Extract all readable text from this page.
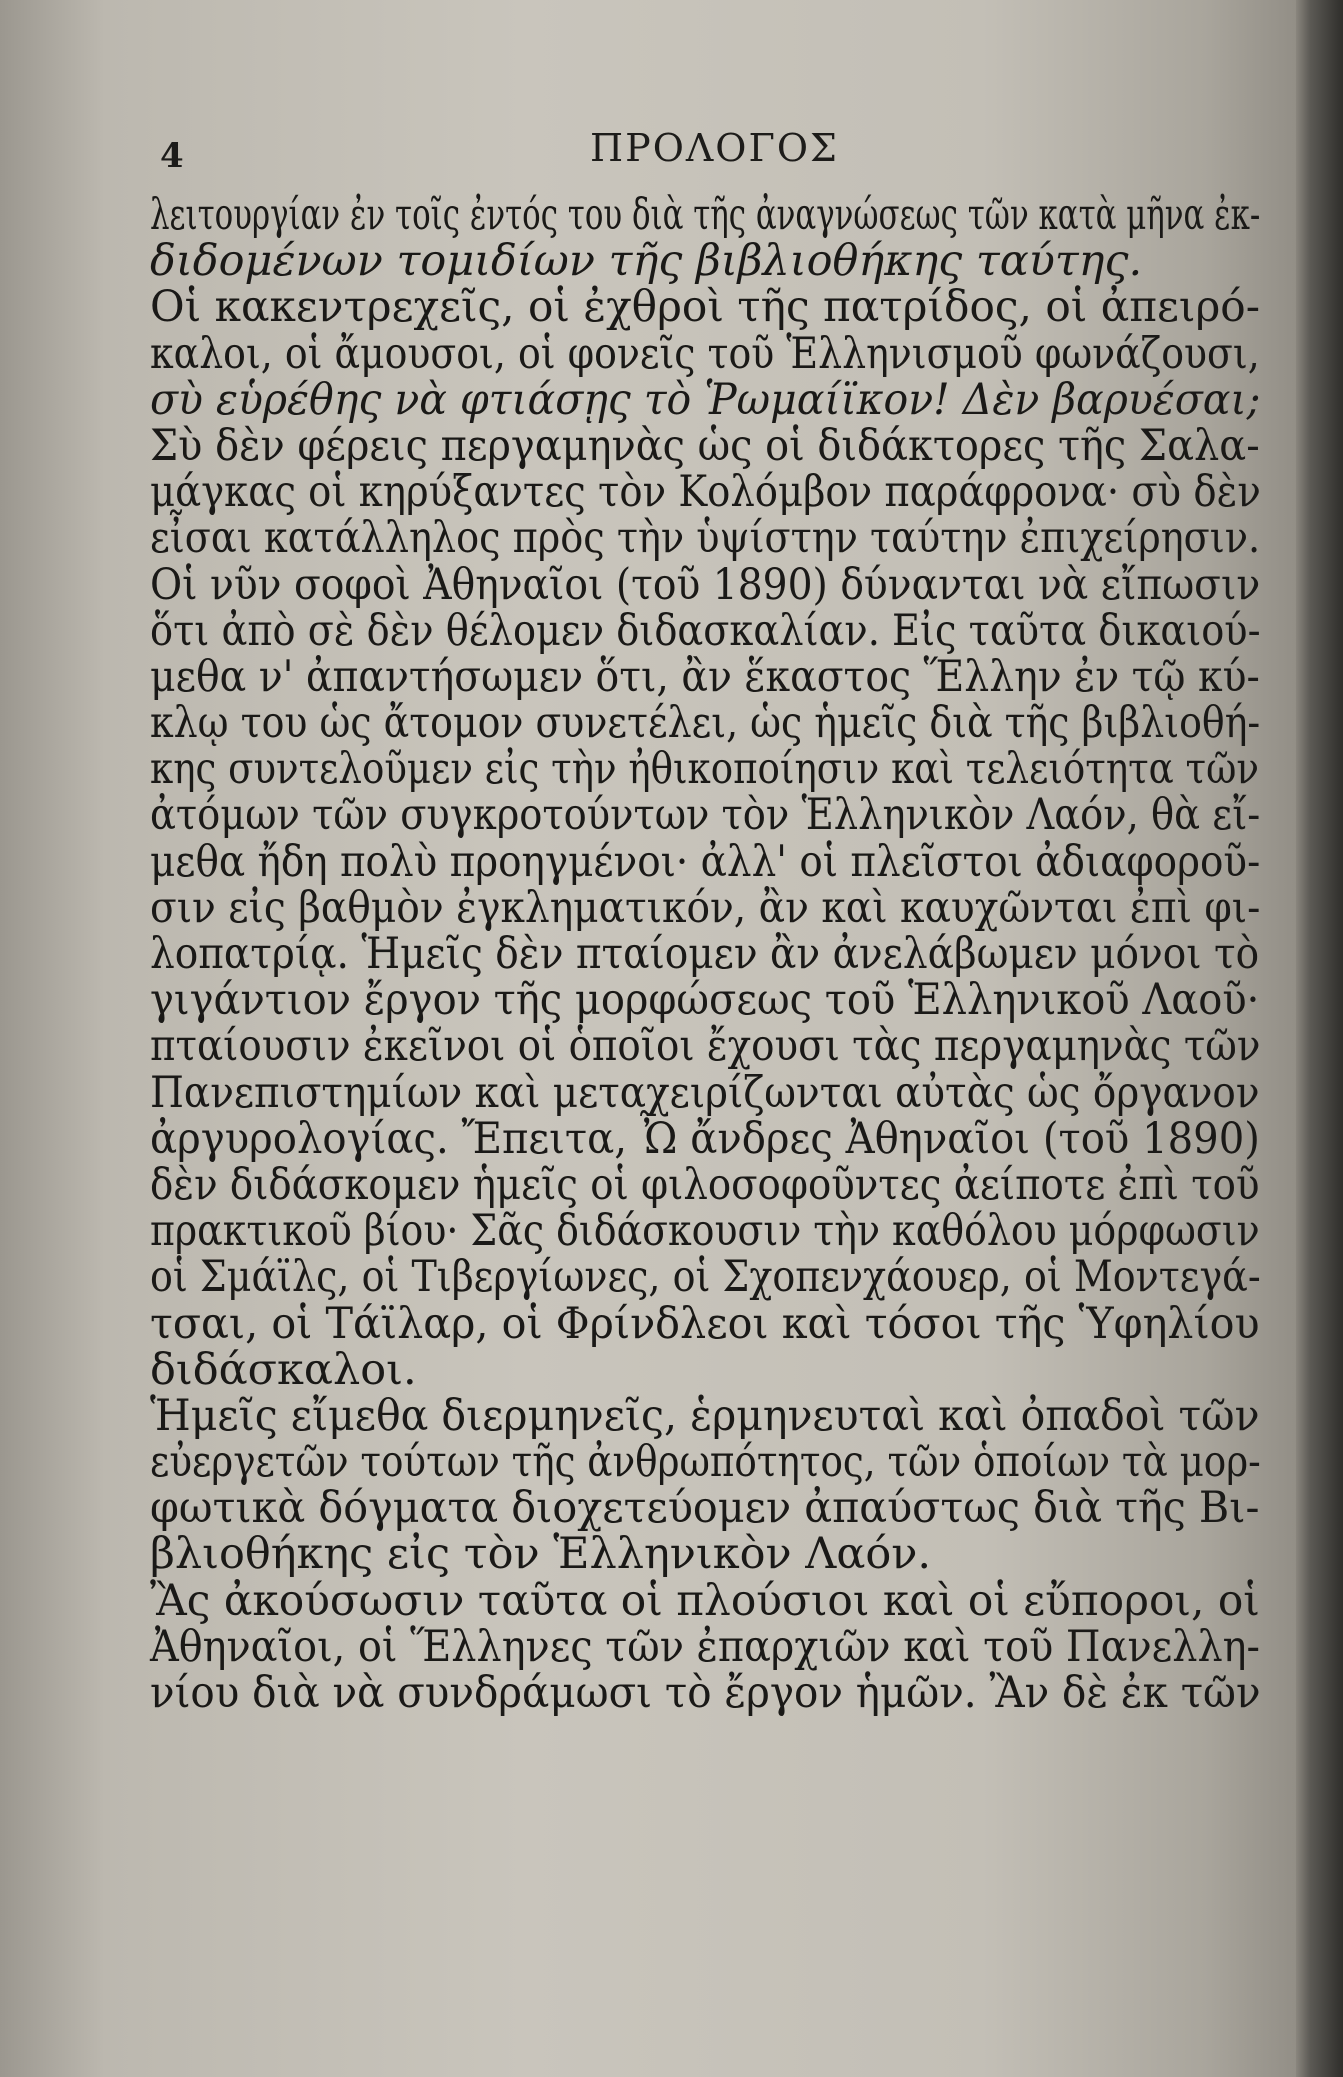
4	ΠΡΟΛΟΓΟΣ
λειτουργίαν ἐν τοῖς ἐντός του διὰ τῆς ἀναγνώσεως τῶν κατὰ μῆνα ἐκ-
διδομένων τομιδίων τῆς βιβλιοθήκης ταύτης.
Οἱ κακεντρεχεῖς, οἱ ἐχθροὶ τῆς πατρίδος, οἱ ἀπειρό-
καλοι, οἱ ἄμουσοι, οἱ φονεῖς τοῦ Ἑλληνισμοῦ φωνάζουσι,
σὺ εὑρέθης νὰ φτιάσῃς τὸ Ῥωμαίϊκον! Δὲν βαρυέσαι;
Σὺ δὲν φέρεις περγαμηνὰς ὡς οἱ διδάκτορες τῆς Σαλα-
μάγκας οἱ κηρύξαντες τὸν Κολόμβον παράφρονα· σὺ δὲν
εἶσαι κατάλληλος πρὸς τὴν ὑψίστην ταύτην ἐπιχείρησιν.
Οἱ νῦν σοφοὶ Ἀθηναῖοι (τοῦ 1890) δύνανται νὰ εἴπωσιν
ὅτι ἀπὸ σὲ δὲν θέλομεν διδασκαλίαν. Εἰς ταῦτα δικαιού-
μεθα ν' ἀπαντήσωμεν ὅτι, ἂν ἕκαστος Ἕλλην ἐν τῷ κύ-
κλῳ του ὡς ἄτομον συνετέλει, ὡς ἡμεῖς διὰ τῆς βιβλιοθή-
κης συντελοῦμεν εἰς τὴν ἠθικοποίησιν καὶ τελειότητα τῶν
ἀτόμων τῶν συγκροτούντων τὸν Ἑλληνικὸν Λαόν, θὰ εἴ-
μεθα ἤδη πολὺ προηγμένοι· ἀλλ' οἱ πλεῖστοι ἀδιαφοροῦ-
σιν εἰς βαθμὸν ἐγκληματικόν, ἂν καὶ καυχῶνται ἐπὶ φι-
λοπατρίᾳ. Ἡμεῖς δὲν πταίομεν ἂν ἀνελάβωμεν μόνοι τὸ
γιγάντιον ἔργον τῆς μορφώσεως τοῦ Ἑλληνικοῦ Λαοῦ·
πταίουσιν ἐκεῖνοι οἱ ὁποῖοι ἔχουσι τὰς περγαμηνὰς τῶν
Πανεπιστημίων καὶ μεταχειρίζωνται αὐτὰς ὡς ὄργανον
ἀργυρολογίας. Ἔπειτα, Ὦ ἄνδρες Ἀθηναῖοι (τοῦ 1890)
δὲν διδάσκομεν ἡμεῖς οἱ φιλοσοφοῦντες ἀείποτε ἐπὶ τοῦ
πρακτικοῦ βίου· Σᾶς διδάσκουσιν τὴν καθόλου μόρφωσιν
οἱ Σμάϊλς, οἱ Τιβεργίωνες, οἱ Σχοπενχάουερ, οἱ Μοντεγά-
τσαι, οἱ Τάϊλαρ, οἱ Φρίνδλεοι καὶ τόσοι τῆς Ὑφηλίου
διδάσκαλοι.
Ἡμεῖς εἴμεθα διερμηνεῖς, ἑρμηνευταὶ καὶ ὀπαδοὶ τῶν
εὐεργετῶν τούτων τῆς ἀνθρωπότητος, τῶν ὁποίων τὰ μορ-
φωτικὰ δόγματα διοχετεύομεν ἀπαύστως διὰ τῆς Βι-
βλιοθήκης εἰς τὸν Ἑλληνικὸν Λαόν.
Ἂς ἀκούσωσιν ταῦτα οἱ πλούσιοι καὶ οἱ εὔποροι, οἱ
Ἀθηναῖοι, οἱ Ἕλληνες τῶν ἐπαρχιῶν καὶ τοῦ Πανελλη-
νίου διὰ νὰ συνδράμωσι τὸ ἔργον ἡμῶν. Ἂν δὲ ἐκ τῶν
